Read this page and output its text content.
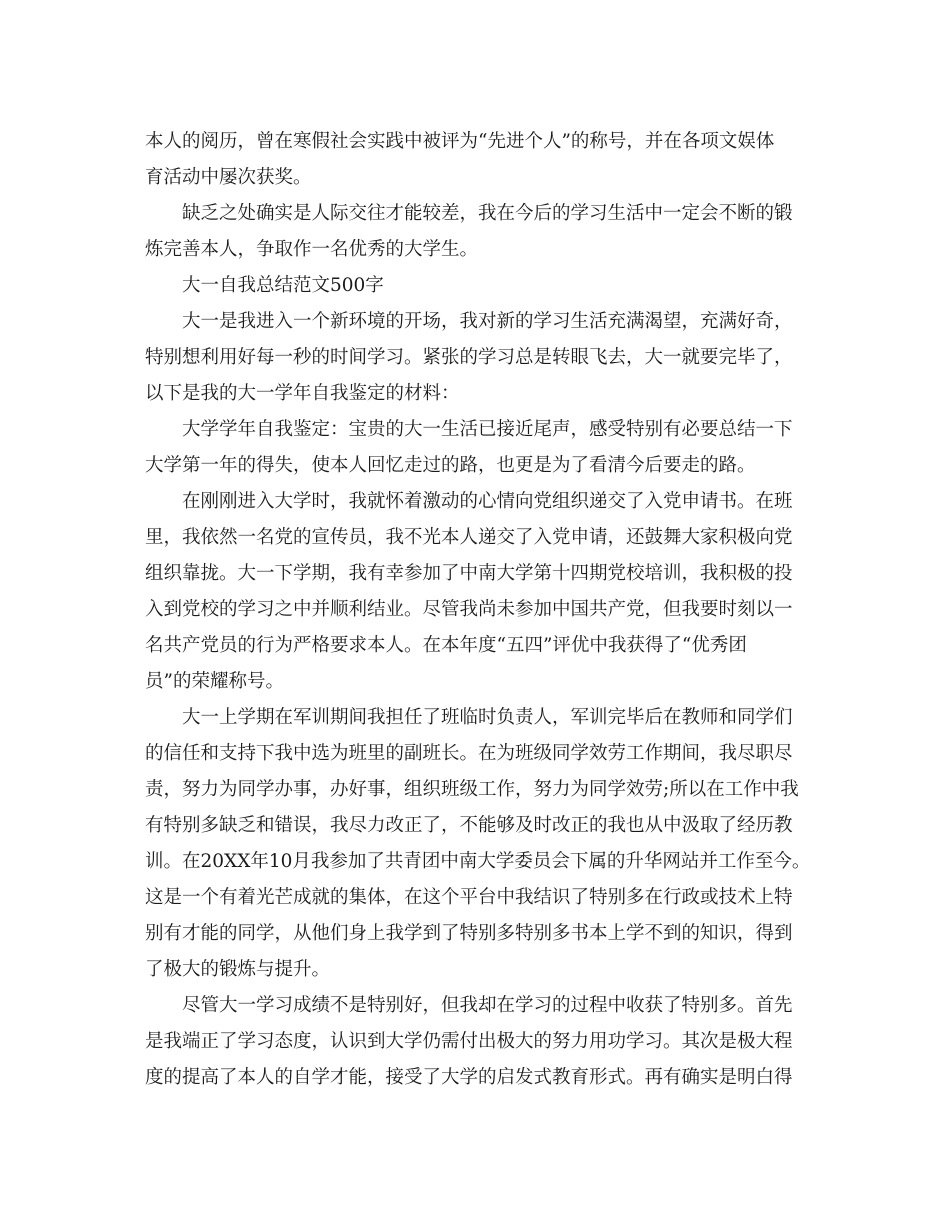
本人的阅历，曾在寒假社会实践中被评为“先进个人”的称号，并在各项文娱体
育活动中屡次获奖。
缺乏之处确实是人际交往才能较差，我在今后的学习生活中一定会不断的锻
炼完善本人，争取作一名优秀的大学生。
大一自我总结范文500字
大一是我进入一个新环境的开场，我对新的学习生活充满渴望，充满好奇，
特别想利用好每一秒的时间学习。紧张的学习总是转眼飞去，大一就要完毕了，
以下是我的大一学年自我鉴定的材料：
大学学年自我鉴定：宝贵的大一生活已接近尾声，感受特别有必要总结一下
大学第一年的得失，使本人回忆走过的路，也更是为了看清今后要走的路。
在刚刚进入大学时，我就怀着激动的心情向党组织递交了入党申请书。在班
里，我依然一名党的宣传员，我不光本人递交了入党申请，还鼓舞大家积极向党
组织靠拢。大一下学期，我有幸参加了中南大学第十四期党校培训，我积极的投
入到党校的学习之中并顺利结业。尽管我尚未参加中国共产党，但我要时刻以一
名共产党员的行为严格要求本人。在本年度“五四”评优中我获得了“优秀团
员”的荣耀称号。
大一上学期在军训期间我担任了班临时负责人，军训完毕后在教师和同学们
的信任和支持下我中选为班里的副班长。在为班级同学效劳工作期间，我尽职尽
责，努力为同学办事，办好事，组织班级工作，努力为同学效劳;所以在工作中我
有特别多缺乏和错误，我尽力改正了，不能够及时改正的我也从中汲取了经历教
训。在20XX年10月我参加了共青团中南大学委员会下属的升华网站并工作至今。
这是一个有着光芒成就的集体，在这个平台中我结识了特别多在行政或技术上特
别有才能的同学，从他们身上我学到了特别多特别多书本上学不到的知识，得到
了极大的锻炼与提升。
尽管大一学习成绩不是特别好，但我却在学习的过程中收获了特别多。首先
是我端正了学习态度，认识到大学仍需付出极大的努力用功学习。其次是极大程
度的提高了本人的自学才能，接受了大学的启发式教育形式。再有确实是明白得
